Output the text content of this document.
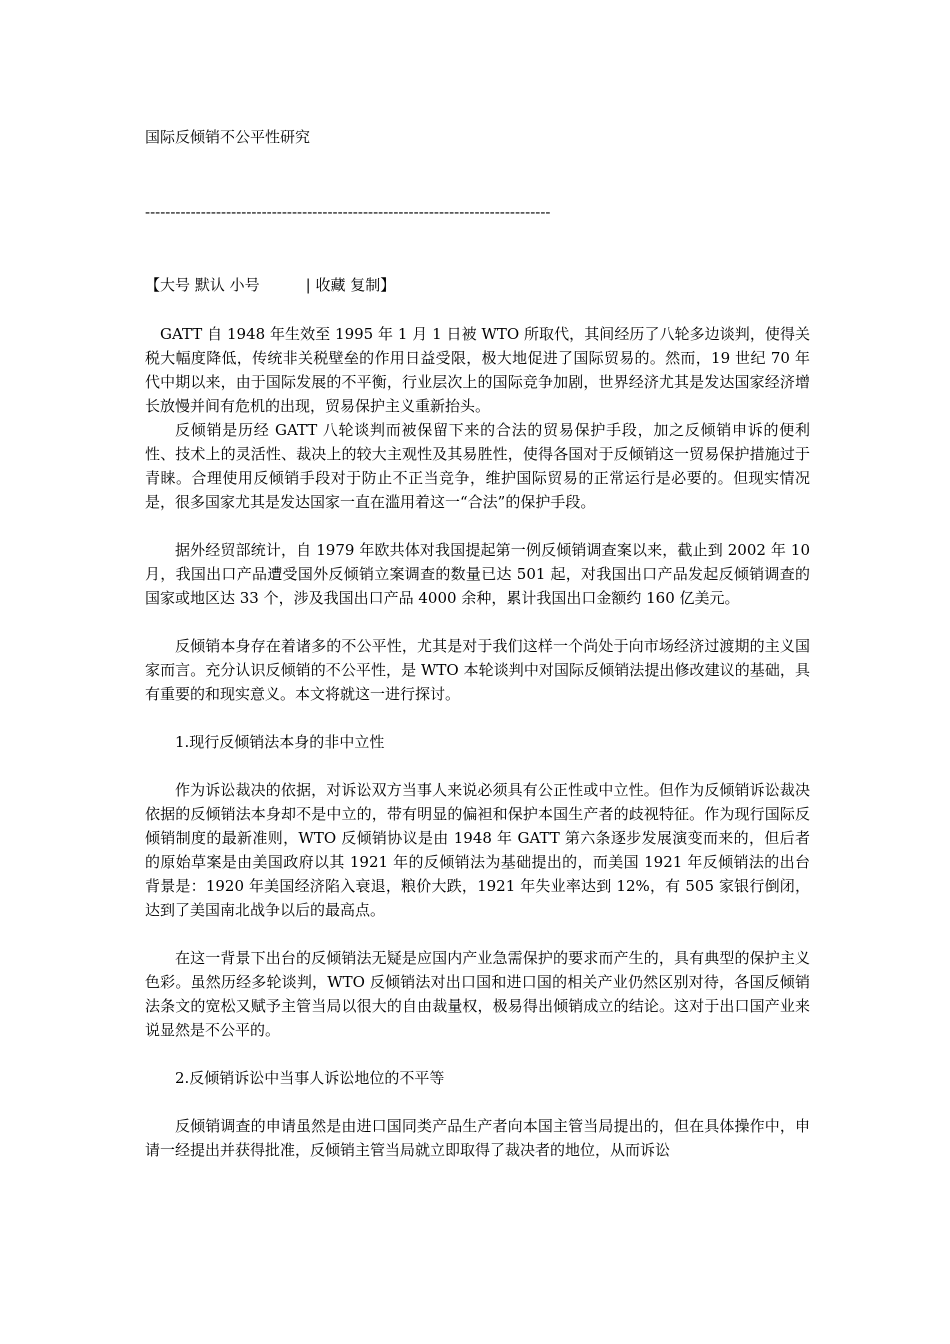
国际反倾销不公平性研究
--------------------------------------------------------------------------------
【大号 默认 小号	| 收藏 复制】

GATT 自 1948 年生效至 1995 年 1 月 1 日被 WTO 所取代，其间经历了八轮多边谈判，使得关税大幅度降低，传统非关税壁垒的作用日益受限，极大地促进了国际贸易的。然而，19 世纪 70 年代中期以来，由于国际发展的不平衡，行业层次上的国际竞争加剧，世界经济尤其是发达国家经济增长放慢并间有危机的出现，贸易保护主义重新抬头。

反倾销是历经 GATT 八轮谈判而被保留下来的合法的贸易保护手段，加之反倾销申诉的便利性、技术上的灵活性、裁决上的较大主观性及其易胜性，使得各国对于反倾销这一贸易保护措施过于青睐。合理使用反倾销手段对于防止不正当竞争，维护国际贸易的正常运行是必要的。但现实情况是，很多国家尤其是发达国家一直在滥用着这一“合法”的保护手段。

据外经贸部统计，自 1979 年欧共体对我国提起第一例反倾销调查案以来，截止到 2002 年 10 月，我国出口产品遭受国外反倾销立案调查的数量已达 501 起，对我国出口产品发起反倾销调查的国家或地区达 33 个，涉及我国出口产品 4000 余种，累计我国出口金额约 160 亿美元。

反倾销本身存在着诸多的不公平性，尤其是对于我们这样一个尚处于向市场经济过渡期的主义国家而言。充分认识反倾销的不公平性，是 WTO 本轮谈判中对国际反倾销法提出修改建议的基础，具有重要的和现实意义。本文将就这一进行探讨。

1.现行反倾销法本身的非中立性

作为诉讼裁决的依据，对诉讼双方当事人来说必须具有公正性或中立性。但作为反倾销诉讼裁决依据的反倾销法本身却不是中立的，带有明显的偏袒和保护本国生产者的歧视特征。作为现行国际反倾销制度的最新准则，WTO 反倾销协议是由 1948 年 GATT 第六条逐步发展演变而来的，但后者的原始草案是由美国政府以其 1921 年的反倾销法为基础提出的，而美国 1921 年反倾销法的出台背景是：1920 年美国经济陷入衰退，粮价大跌，1921 年失业率达到 12%，有 505 家银行倒闭，达到了美国南北战争以后的最高点。

在这一背景下出台的反倾销法无疑是应国内产业急需保护的要求而产生的，具有典型的保护主义色彩。虽然历经多轮谈判，WTO 反倾销法对出口国和进口国的相关产业仍然区别对待，各国反倾销法条文的宽松又赋予主管当局以很大的自由裁量权，极易得出倾销成立的结论。这对于出口国产业来说显然是不公平的。

2.反倾销诉讼中当事人诉讼地位的不平等

反倾销调查的申请虽然是由进口国同类产品生产者向本国主管当局提出的，但在具体操作中，申请一经提出并获得批准，反倾销主管当局就立即取得了裁决者的地位，从而诉讼
